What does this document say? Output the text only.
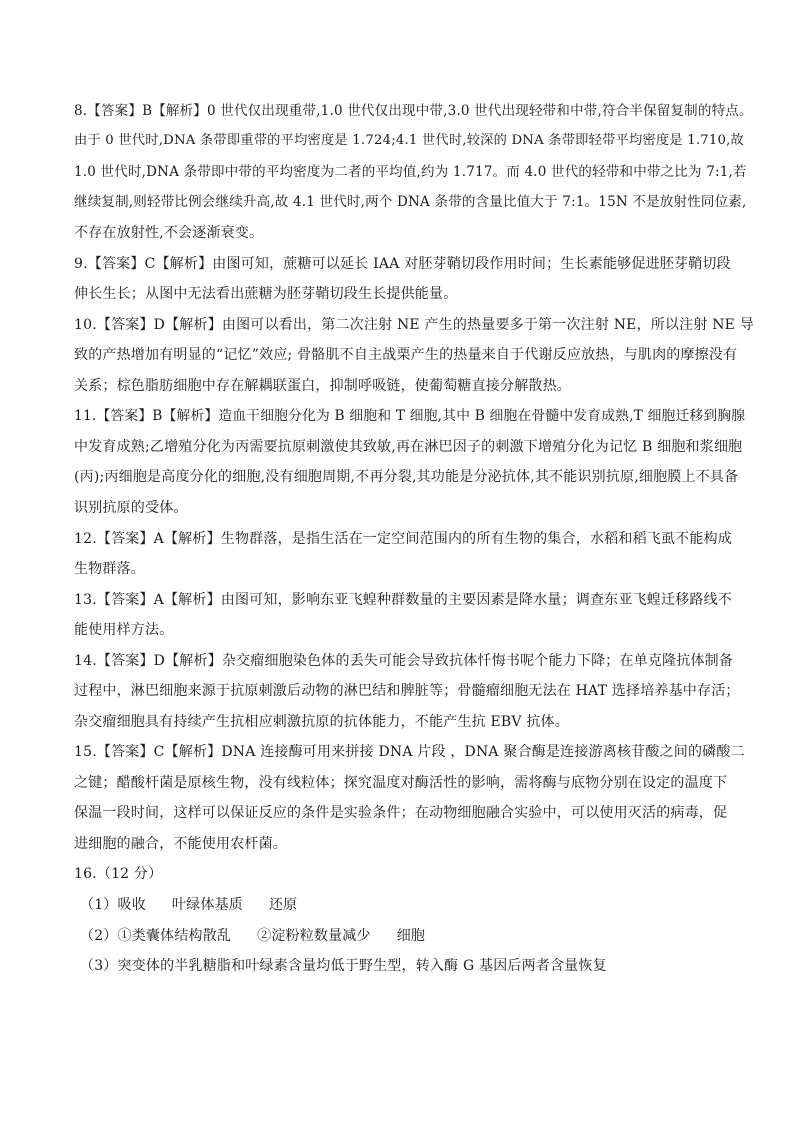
8.【答案】B【解析】0 世代仅出现重带,1.0 世代仅出现中带,3.0 世代出现轻带和中带,符合半保留复制的特点。
由于 0 世代时,DNA 条带即重带的平均密度是 1.724;4.1 世代时,较深的 DNA 条带即轻带平均密度是 1.710,故
1.0 世代时,DNA 条带即中带的平均密度为二者的平均值,约为 1.717。而 4.0 世代的轻带和中带之比为 7:1,若
继续复制,则轻带比例会继续升高,故 4.1 世代时,两个 DNA 条带的含量比值大于 7:1。15N 不是放射性同位素,
不存在放射性,不会逐渐衰变。
9.【答案】C【解析】由图可知，蔗糖可以延长 IAA 对胚芽鞘切段作用时间；生长素能够促进胚芽鞘切段
伸长生长；从图中无法看出蔗糖为胚芽鞘切段生长提供能量。
10.【答案】D【解析】由图可以看出，第二次注射 NE 产生的热量要多于第一次注射 NE，所以注射 NE 导
致的产热增加有明显的“记忆”效应; 骨骼肌不自主战栗产生的热量来自于代谢反应放热，与肌肉的摩擦没有
关系；棕色脂肪细胞中存在解耦联蛋白，抑制呼吸链，使葡萄糖直接分解散热。
11.【答案】B【解析】造血干细胞分化为 B 细胞和 T 细胞,其中 B 细胞在骨髓中发育成熟,T 细胞迁移到胸腺
中发育成熟;乙增殖分化为丙需要抗原刺激使其致敏,再在淋巴因子的刺激下增殖分化为记忆 B 细胞和浆细胞
(丙);丙细胞是高度分化的细胞,没有细胞周期,不再分裂,其功能是分泌抗体,其不能识别抗原,细胞膜上不具备
识别抗原的受体。
12.【答案】A【解析】生物群落，是指生活在一定空间范围内的所有生物的集合，水稻和稻飞虱不能构成
生物群落。
13.【答案】A【解析】由图可知，影响东亚飞蝗种群数量的主要因素是降水量；调查东亚飞蝗迁移路线不
能使用样方法。
14.【答案】D【解析】杂交瘤细胞染色体的丢失可能会导致抗体忏悔书呢个能力下降；在单克隆抗体制备
过程中，淋巴细胞来源于抗原刺激后动物的淋巴结和脾脏等；骨髓瘤细胞无法在 HAT 选择培养基中存活；
杂交瘤细胞具有持续产生抗相应刺激抗原的抗体能力，不能产生抗 EBV 抗体。
15.【答案】C【解析】DNA 连接酶可用来拼接 DNA 片段 ，DNA 聚合酶是连接游离核苷酸之间的磷酸二
之键；醋酸杆菌是原核生物，没有线粒体；探究温度对酶活性的影响，需将酶与底物分别在设定的温度下
保温一段时间，这样可以保证反应的条件是实验条件；在动物细胞融合实验中，可以使用灭活的病毒，促
进细胞的融合，不能使用农杆菌。
16.（12 分）
（1）吸收 叶绿体基质 还原
（2）①类囊体结构散乱 ②淀粉粒数量减少 细胞
（3）突变体的半乳糖脂和叶绿素含量均低于野生型，转入酶 G 基因后两者含量恢复
